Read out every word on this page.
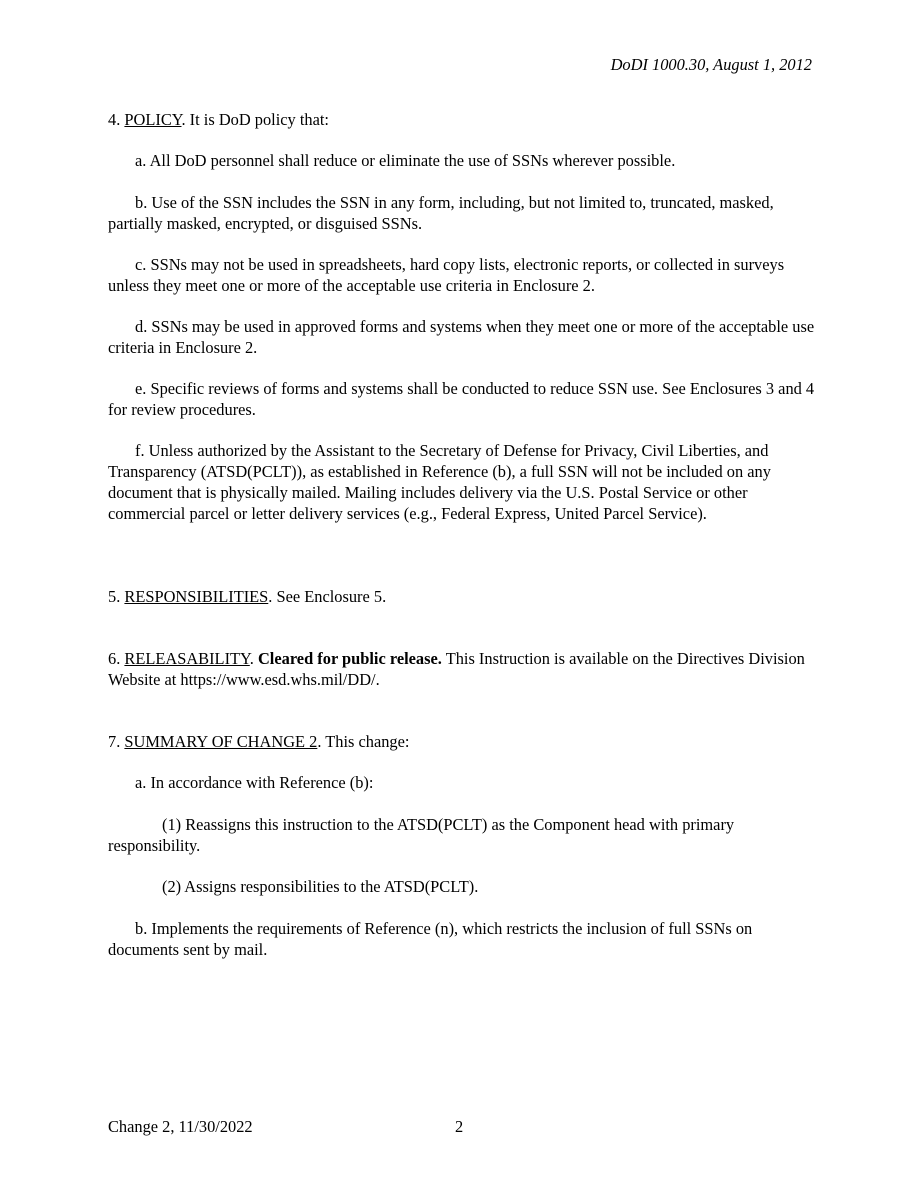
DoDI 1000.30, August 1, 2012
4. POLICY. It is DoD policy that:
a. All DoD personnel shall reduce or eliminate the use of SSNs wherever possible.
b. Use of the SSN includes the SSN in any form, including, but not limited to, truncated, masked, partially masked, encrypted, or disguised SSNs.
c. SSNs may not be used in spreadsheets, hard copy lists, electronic reports, or collected in surveys unless they meet one or more of the acceptable use criteria in Enclosure 2.
d. SSNs may be used in approved forms and systems when they meet one or more of the acceptable use criteria in Enclosure 2.
e. Specific reviews of forms and systems shall be conducted to reduce SSN use. See Enclosures 3 and 4 for review procedures.
f. Unless authorized by the Assistant to the Secretary of Defense for Privacy, Civil Liberties, and Transparency (ATSD(PCLT)), as established in Reference (b), a full SSN will not be included on any document that is physically mailed. Mailing includes delivery via the U.S. Postal Service or other commercial parcel or letter delivery services (e.g., Federal Express, United Parcel Service).
5. RESPONSIBILITIES. See Enclosure 5.
6. RELEASABILITY. Cleared for public release. This Instruction is available on the Directives Division Website at https://www.esd.whs.mil/DD/.
7. SUMMARY OF CHANGE 2. This change:
a. In accordance with Reference (b):
(1) Reassigns this instruction to the ATSD(PCLT) as the Component head with primary responsibility.
(2) Assigns responsibilities to the ATSD(PCLT).
b. Implements the requirements of Reference (n), which restricts the inclusion of full SSNs on documents sent by mail.
Change 2, 11/30/2022	2
